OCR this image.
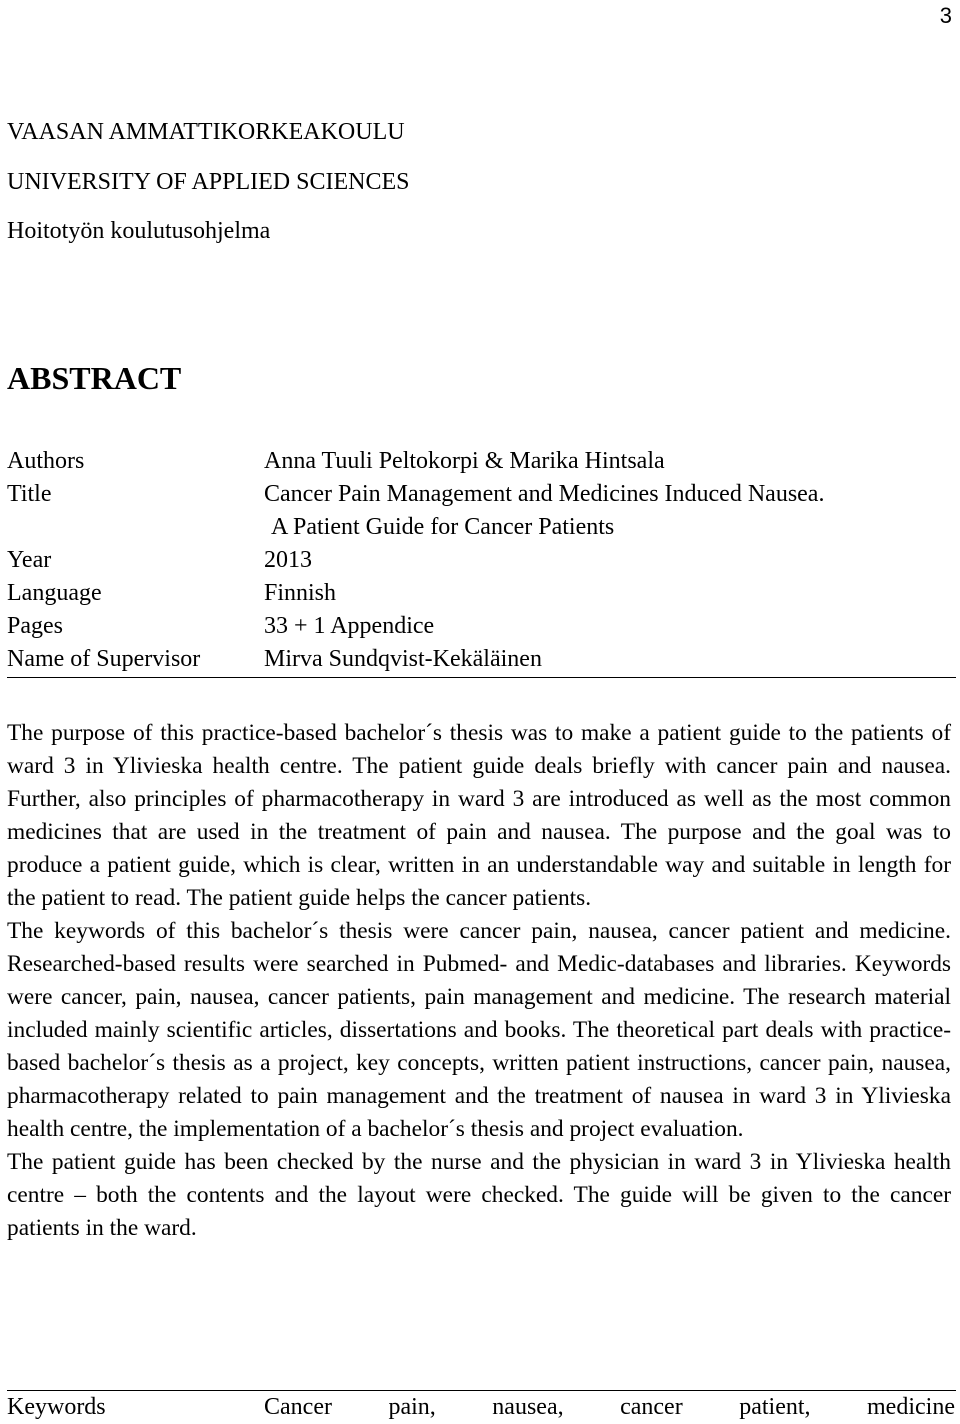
3
VAASAN AMMATTIKORKEAKOULU
UNIVERSITY OF APPLIED SCIENCES
Hoitotyön koulutusohjelma
ABSTRACT
Authors	Anna Tuuli Peltokorpi & Marika Hintsala
Title	Cancer Pain Management and Medicines Induced Nausea.
A Patient Guide for Cancer Patients
Year	2013
Language	Finnish
Pages	33 + 1 Appendice
Name of Supervisor	Mirva Sundqvist-Kekäläinen

The purpose of this practice-based bachelor´s thesis was to make a patient guide to the patients of ward 3 in Ylivieska health centre. The patient guide deals briefly with cancer pain and nausea. Further, also principles of pharmacotherapy in ward 3 are introduced as well as the most common medicines that are used in the treatment of pain and nausea. The purpose and the goal was to produce a patient guide, which is clear, written in an understandable way and suitable in length for the patient to read. The patient guide helps the cancer patients.

The keywords of this bachelor´s thesis were cancer pain, nausea, cancer patient and medicine. Researched-based results were searched in Pubmed- and Medic-databases and libraries. Keywords were cancer, pain, nausea, cancer patients, pain management and medicine. The research material included mainly scientific articles, dissertations and books. The theoretical part deals with practice-based bachelor´s thesis as a project, key concepts, written patient instructions, cancer pain, nausea, pharmacotherapy related to pain management and the treatment of nausea in ward 3 in Ylivieska health centre, the implementation of a bachelor´s thesis and project evaluation.

The patient guide has been checked by the nurse and the physician in ward 3 in Ylivieska health centre – both the contents and the layout were checked. The guide will be given to the cancer patients in the ward.

Keywords	Cancer pain, nausea, cancer patient, medicine
